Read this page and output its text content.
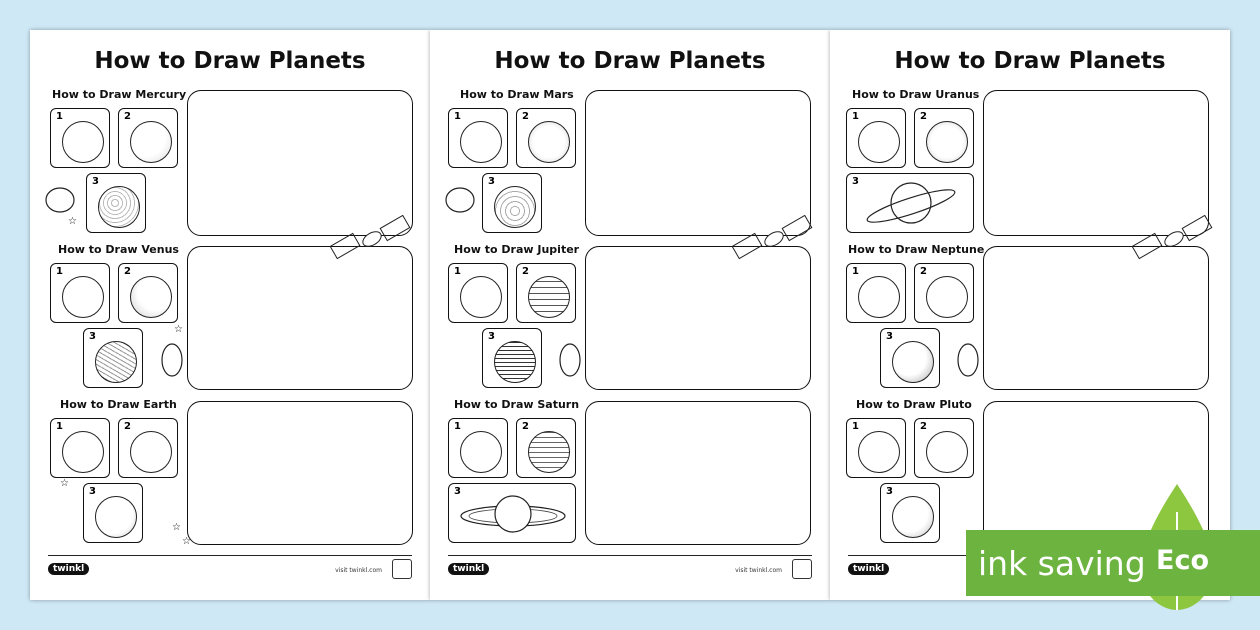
How to Draw Planets
How to Draw Mercury
1	2
3
How to Draw Venus
1	2
3
How to Draw Earth
1	2
3
☆
☆
☆
☆
☆
twinkl	visit twinkl.com
How to Draw Planets
How to Draw Mars
1	2
3
How to Draw Jupiter
1	2
3
How to Draw Saturn
1	2
3
twinkl	visit twinkl.com
How to Draw Planets
How to Draw Uranus
1	2
3
How to Draw Neptune
1	2
3
How to Draw Pluto
1	2
3
twinkl	ink saving Eco
